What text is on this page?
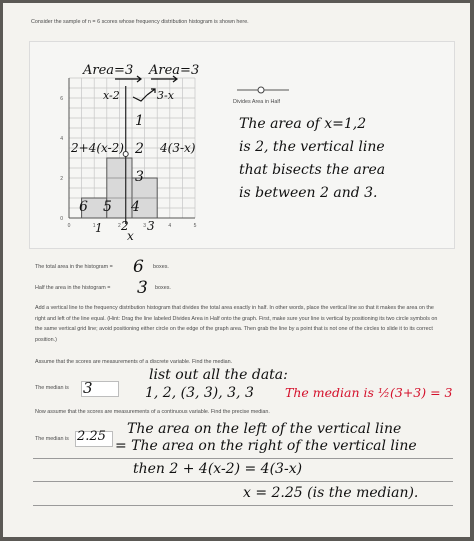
Consider the sample of n = 6 scores whose frequency distribution histogram is shown here.
0	1	2	3	4	5
0
2
4
6	Divides Area in Half
Area=3 Area=3
x-2	3-x
2+4(x-2)	4(3-x)
6 5 4
1
2
3
1 2 3
x
The area of x=1,2
is 2, the vertical line
that bisects the area
is between 2 and 3.
The total area in the histogram = 6 boxes.
Half the area in the histogram = 3 boxes.
Add a vertical line to the frequency distribution histogram that divides the total area exactly in half. In other words, place the vertical line so that it makes the area on the right and left of the line equal. (Hint: Drag the line labeled Divides Area in Half onto the graph. First, make sure your line is vertical by positioning its two circle symbols on the same vertical grid line; avoid positioning either circle on the edge of the graph area. Then grab the line by a point that is not one of the circles to slide it to its correct position.)
Assume that the scores are measurements of a discrete variable. Find the median.
list out all the data:
The median is 3	1, 2, (3, 3), 3, 3 The median is ½(3+3) = 3
Now assume that the scores are measurements of a continuous variable. Find the precise median.
The median is 2.25 The area on the left of the vertical line
= The area on the right of the vertical line
then 2 + 4(x-2) = 4(3-x)
x = 2.25 (is the median).
